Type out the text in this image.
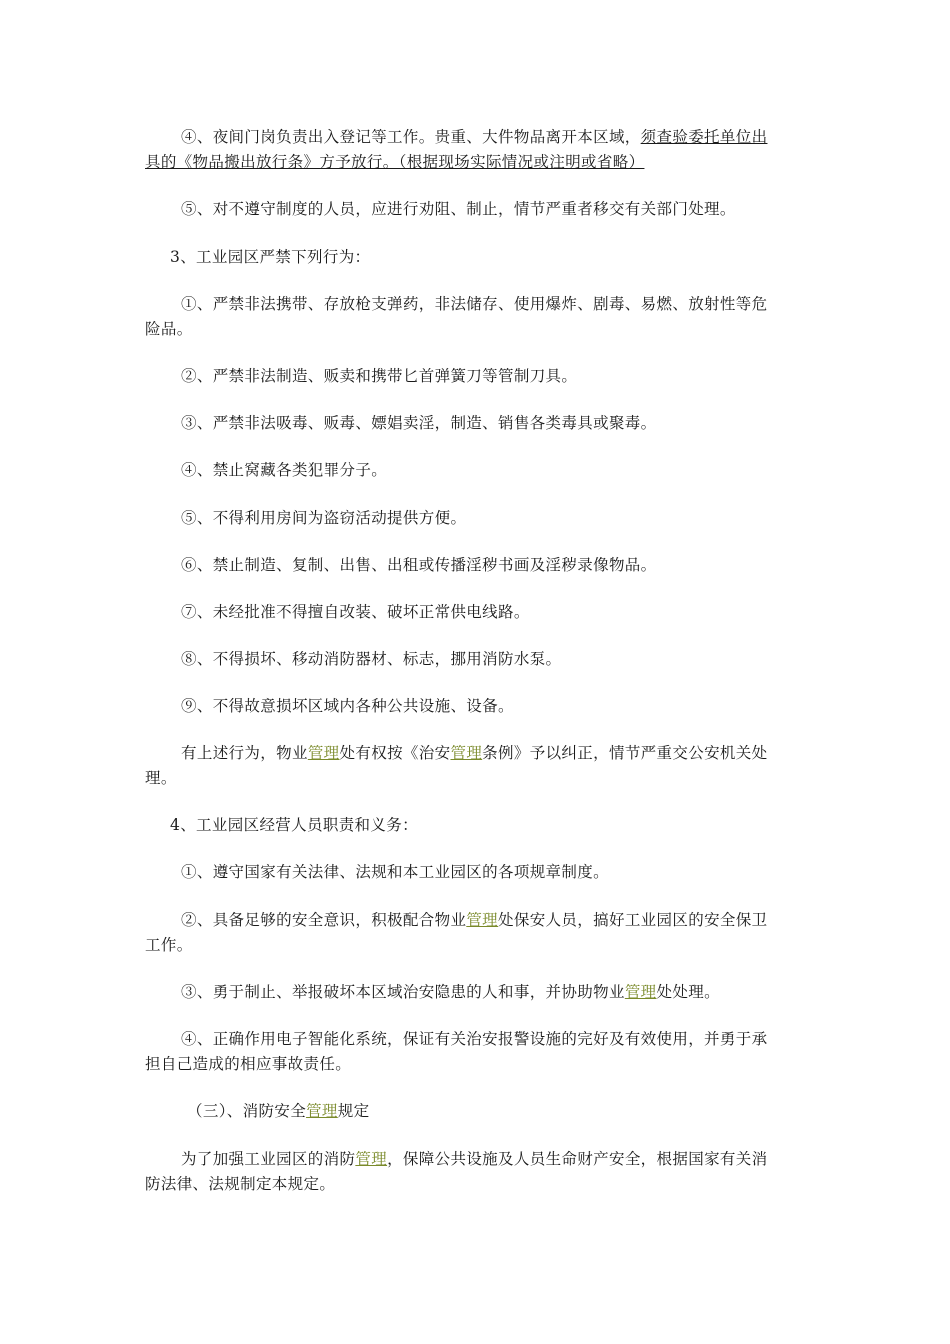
④、夜间门岗负责出入登记等工作。贵重、大件物品离开本区域，须查验委托单位出
具的《物品搬出放行条》方予放行。（根据现场实际情况或注明或省略）
⑤、对不遵守制度的人员，应进行劝阻、制止，情节严重者移交有关部门处理。
3、工业园区严禁下列行为：
①、严禁非法携带、存放枪支弹药，非法储存、使用爆炸、剧毒、易燃、放射性等危
险品。
②、严禁非法制造、贩卖和携带匕首弹簧刀等管制刀具。
③、严禁非法吸毒、贩毒、嫖娼卖淫，制造、销售各类毒具或聚毒。
④、禁止窝藏各类犯罪分子。
⑤、不得利用房间为盗窃活动提供方便。
⑥、禁止制造、复制、出售、出租或传播淫秽书画及淫秽录像物品。
⑦、未经批准不得擅自改装、破坏正常供电线路。
⑧、不得损坏、移动消防器材、标志，挪用消防水泵。
⑨、不得故意损坏区域内各种公共设施、设备。
有上述行为，物业管理处有权按《治安管理条例》予以纠正，情节严重交公安机关处
理。
4、工业园区经营人员职责和义务：
①、遵守国家有关法律、法规和本工业园区的各项规章制度。
②、具备足够的安全意识，积极配合物业管理处保安人员，搞好工业园区的安全保卫
工作。
③、勇于制止、举报破坏本区域治安隐患的人和事，并协助物业管理处处理。
④、正确作用电子智能化系统，保证有关治安报警设施的完好及有效使用，并勇于承
担自己造成的相应事故责任。
（三）、消防安全管理规定
为了加强工业园区的消防管理，保障公共设施及人员生命财产安全，根据国家有关消
防法律、法规制定本规定。
